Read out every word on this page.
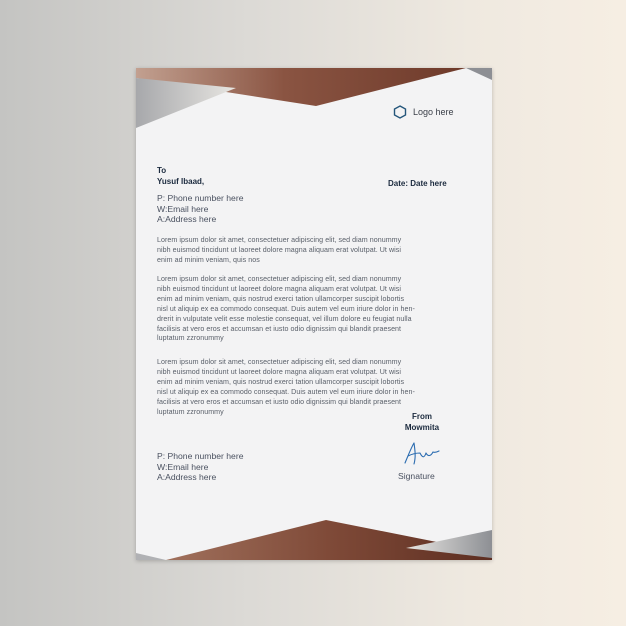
Logo here
To
Yusuf Ibaad,	Date: Date here
P: Phone number here
W:Email here
A:Address here
Lorem ipsum dolor sit amet, consectetuer adipiscing elit, sed diam nonummy
nibh euismod tincidunt ut laoreet dolore magna aliquam erat volutpat. Ut wisi
enim ad minim veniam, quis nos
Lorem ipsum dolor sit amet, consectetuer adipiscing elit, sed diam nonummy
nibh euismod tincidunt ut laoreet dolore magna aliquam erat volutpat. Ut wisi
enim ad minim veniam, quis nostrud exerci tation ullamcorper suscipit lobortis
nisl ut aliquip ex ea commodo consequat. Duis autem vel eum iriure dolor in hen-
drerit in vulputate velit esse molestie consequat, vel illum dolore eu feugiat nulla
facilisis at vero eros et accumsan et iusto odio dignissim qui blandit praesent
luptatum zzronummy
Lorem ipsum dolor sit amet, consectetuer adipiscing elit, sed diam nonummy
nibh euismod tincidunt ut laoreet dolore magna aliquam erat volutpat. Ut wisi
enim ad minim veniam, quis nostrud exerci tation ullamcorper suscipit lobortis
nisl ut aliquip ex ea commodo consequat. Duis autem vel eum iriure dolor in hen-
facilisis at vero eros et accumsan et iusto odio dignissim qui blandit praesent
luptatum zzronummy
From
Mowmita
Signature
P: Phone number here
W:Email here
A:Address here
